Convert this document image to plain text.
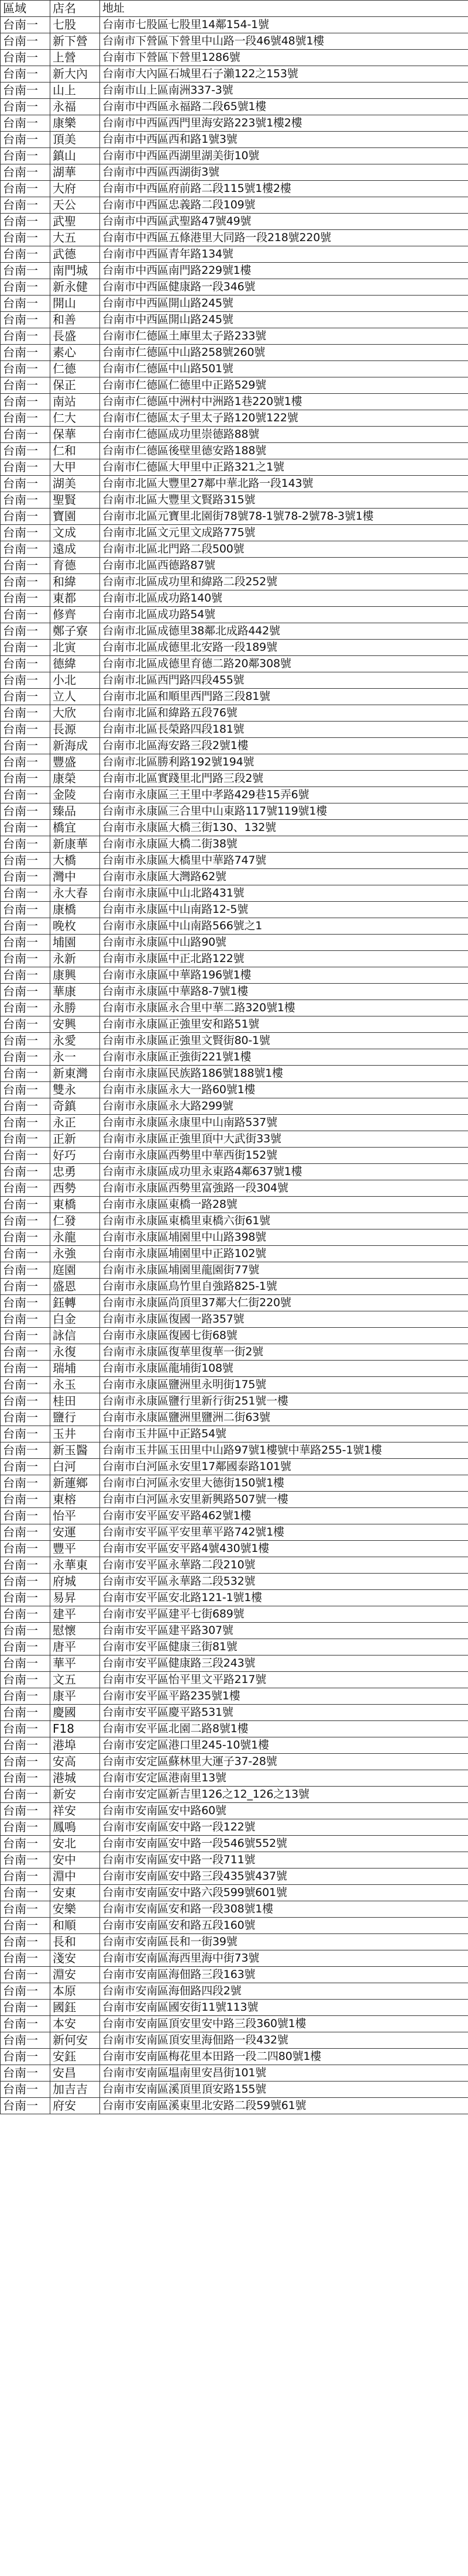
區域	店名	地址
台南一	七股	台南市七股區七股里14鄰154-1號
台南一	新下營	台南市下營區下營里中山路一段46號48號1樓
台南一	上營	台南市下營區下營里1286號
台南一	新大內	台南市大內區石城里石子瀨122之153號
台南一	山上	台南市山上區南洲337-3號
台南一	永福	台南市中西區永福路二段65號1樓
台南一	康樂	台南市中西區西門里海安路223號1樓2樓
台南一	頂美	台南市中西區西和路1號3號
台南一	鎮山	台南市中西區西湖里湖美街10號
台南一	湖華	台南市中西區西湖街3號
台南一	大府	台南市中西區府前路二段115號1樓2樓
台南一	天公	台南市中西區忠義路二段109號
台南一	武聖	台南市中西區武聖路47號49號
台南一	大五	台南市中西區五條港里大同路一段218號220號
台南一	武德	台南市中西區青年路134號
台南一	南門城	台南市中西區南門路229號1樓
台南一	新永健	台南市中西區健康路一段346號
台南一	開山	台南市中西區開山路245號
台南一	和善	台南市中西區開山路245號
台南一	長盛	台南市仁德區土庫里太子路233號
台南一	素心	台南市仁德區中山路258號260號
台南一	仁德	台南市仁德區中山路501號
台南一	保正	台南市仁德區仁德里中正路529號
台南一	南站	台南市仁德區中洲村中洲路1巷220號1樓
台南一	仁大	台南市仁德區太子里太子路120號122號
台南一	保華	台南市仁德區成功里崇德路88號
台南一	仁和	台南市仁德區後壁里德安路188號
台南一	大甲	台南市仁德區大甲里中正路321之1號
台南一	湖美	台南市北區大豐里27鄰中華北路一段143號
台南一	聖賢	台南市北區大豐里文賢路315號
台南一	寶園	台南市北區元寶里北園街78號78-1號78-2號78-3號1樓
台南一	文成	台南市北區文元里文成路775號
台南一	遠成	台南市北區北門路二段500號
台南一	育德	台南市北區西德路87號
台南一	和緯	台南市北區成功里和緯路二段252號
台南一	東都	台南市北區成功路140號
台南一	修齊	台南市北區成功路54號
台南一	鄭子寮	台南市北區成德里38鄰北成路442號
台南一	北寅	台南市北區成德里北安路一段189號
台南一	德緯	台南市北區成德里育德二路20鄰308號
台南一	小北	台南市北區西門路四段455號
台南一	立人	台南市北區和順里西門路三段81號
台南一	大欣	台南市北區和緯路五段76號
台南一	長源	台南市北區長榮路四段181號
台南一	新海成	台南市北區海安路三段2號1樓
台南一	豐盛	台南市北區勝利路192號194號
台南一	康榮	台南市北區實踐里北門路三段2號
台南一	金陵	台南市永康區三王里中孝路429巷15弄6號
台南一	臻品	台南市永康區三合里中山東路117號119號1樓
台南一	橋宜	台南市永康區大橋三街130、132號
台南一	新康華	台南市永康區大橋二街38號
台南一	大橋	台南市永康區大橋里中華路747號
台南一	灣中	台南市永康區大灣路62號
台南一	永大春	台南市永康區中山北路431號
台南一	康橋	台南市永康區中山南路12-5號
台南一	晚枚	台南市永康區中山南路566號之1
台南一	埔園	台南市永康區中山路90號
台南一	永新	台南市永康區中正北路122號
台南一	康興	台南市永康區中華路196號1樓
台南一	華康	台南市永康區中華路8-7號1樓
台南一	永勝	台南市永康區永合里中華二路320號1樓
台南一	安興	台南市永康區正強里安和路51號
台南一	永愛	台南市永康區正強里文賢街80-1號
台南一	永一	台南市永康區正強街221號1樓
台南一	新東灣	台南市永康區民族路186號188號1樓
台南一	雙永	台南市永康區永大一路60號1樓
台南一	奇鎮	台南市永康區永大路299號
台南一	永正	台南市永康區永康里中山南路537號
台南一	正新	台南市永康區正強里頂中大武街33號
台南一	好巧	台南市永康區西勢里中華西街152號
台南一	忠勇	台南市永康區成功里永東路4鄰637號1樓
台南一	西勢	台南市永康區西勢里富強路一段304號
台南一	東橋	台南市永康區東橋一路28號
台南一	仁發	台南市永康區東橋里東橋六街61號
台南一	永龍	台南市永康區埔園里中山路398號
台南一	永強	台南市永康區埔園里中正路102號
台南一	庭園	台南市永康區埔園里龍園街77號
台南一	盛恩	台南市永康區鳥竹里自強路825-1號
台南一	鈺轉	台南市永康區尚頂里37鄰大仁街220號
台南一	白金	台南市永康區復國一路357號
台南一	詠信	台南市永康區復國七街68號
台南一	永復	台南市永康區復華里復華一街2號
台南一	瑞埔	台南市永康區龍埔街108號
台南一	永玉	台南市永康區鹽洲里永明街175號
台南一	桂田	台南市永康區鹽行里新行街251號一樓
台南一	鹽行	台南市永康區鹽洲里鹽洲二街63號
台南一	玉井	台南市玉井區中正路54號
台南一	新玉醫	台南市玉井區玉田里中山路97號1樓號中華路255-1號1樓
台南一	白河	台南市白河區永安里17鄰國泰路101號
台南一	新蓮鄉	台南市白河區永安里大德街150號1樓
台南一	東榕	台南市白河區永安里新興路507號一樓
台南一	怡平	台南市安平區安平路462號1樓
台南一	安運	台南市安平區平安里華平路742號1樓
台南一	豐平	台南市安平區安平路4號430號1樓
台南一	永華東	台南市安平區永華路二段210號
台南一	府城	台南市安平區永華路二段532號
台南一	易昇	台南市安平區安北路121-1號1樓
台南一	建平	台南市安平區建平七街689號
台南一	慰懷	台南市安平區建平路307號
台南一	唐平	台南市安平區健康三街81號
台南一	華平	台南市安平區健康路三段243號
台南一	文五	台南市安平區怡平里文平路217號
台南一	康平	台南市安平區平路235號1樓
台南一	慶國	台南市安平區慶平路531號
台南一	F18	台南市安平區北園二路8號1樓
台南一	港埠	台南市安定區港口里245-10號1樓
台南一	安高	台南市安定區蘇林里大運子37-28號
台南一	港城	台南市安定區港南里13號
台南一	新安	台南市安定區新吉里126之12_126之13號
台南一	祥安	台南市安南區安中路60號
台南一	鳳鳴	台南市安南區安中路一段122號
台南一	安北	台南市安南區安中路一段546號552號
台南一	安中	台南市安南區安中路一段711號
台南一	淵中	台南市安南區安中路三段435號437號
台南一	安東	台南市安南區安中路六段599號601號
台南一	安樂	台南市安南區安和路一段308號1樓
台南一	和順	台南市安南區安和路五段160號
台南一	長和	台南市安南區長和一街39號
台南一	淺安	台南市安南區海西里海中街73號
台南一	淵安	台南市安南區海佃路三段163號
台南一	本原	台南市安南區海佃路四段2號
台南一	國鈺	台南市安南區國安街11號113號
台南一	本安	台南市安南區頂安里安中路三段360號1樓
台南一	新何安	台南市安南區頂安里海佃路一段432號
台南一	安鈺	台南市安南區梅花里本田路一段二四80號1樓
台南一	安昌	台南市安南區塭南里安昌街101號
台南一	加吉吉	台南市安南區溪頂里頂安路155號
台南一	府安	台南市安南區溪東里北安路二段59號61號
